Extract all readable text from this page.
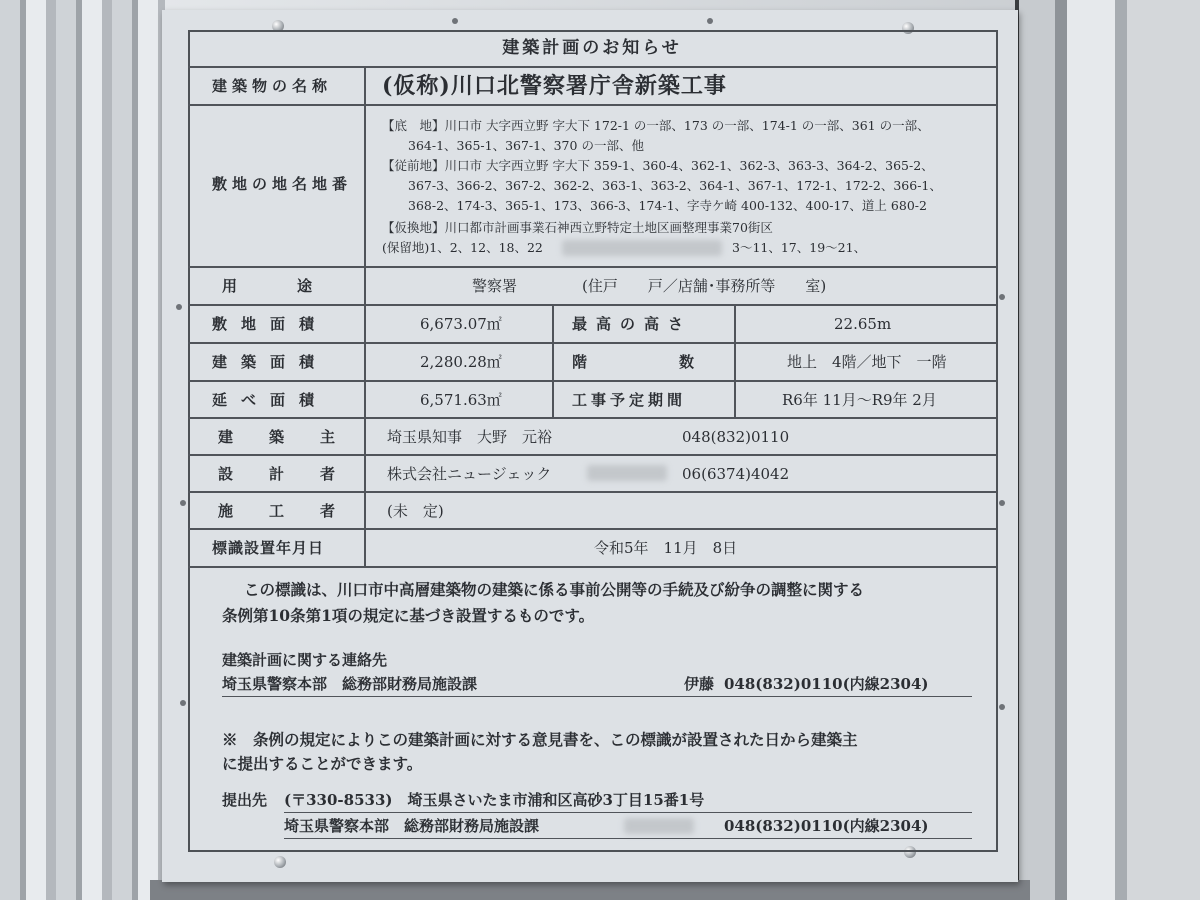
建築計画のお知らせ
建築物の名称 (仮称)川口北警察署庁舎新築工事
敷地の地名地番
【底　地】川口市 大字西立野 字大下 172-1 の一部、173 の一部、174-1 の一部、361 の一部、
364-1、365-1、367-1、370 の一部、他
【従前地】川口市 大字西立野 字大下 359-1、360-4、362-1、362-3、363-3、364-2、365-2、
367-3、366-2、367-2、362-2、363-1、363-2、364-1、367-1、172-1、172-2、366-1、
368-2、174-3、365-1、173、366-3、174-1、字寺ケ崎 400-132、400-17、道上 680-2
【仮換地】川口都市計画事業石神西立野特定土地区画整理事業70街区
(保留地)1、2、12、18、22	3～11、17、19～21、
用途	警察署	(住戸　　戸／店舗･事務所等　　室)
敷地面積	6,673.07㎡	最高の高さ	22.65m
建築面積	2,280.28㎡	階数 地上　4階／地下　一階
延べ面積	6,571.63㎡	工事予定期間	R6年 11月～R9年 2月
建築主 埼玉県知事　大野　元裕	048(832)0110
設計者 株式会社ニュージェック	06(6374)4042
施工者 (未　定)
標識設置年月日	令和5年　11月　8日
この標識は、川口市中高層建築物の建築に係る事前公開等の手続及び紛争の調整に関する
条例第10条第1項の規定に基づき設置するものです。
建築計画に関する連絡先
埼玉県警察本部　総務部財務局施設課	伊藤 048(832)0110(内線2304)
※　条例の規定によりこの建築計画に対する意見書を、この標識が設置された日から建築主
に提出することができます。
提出先 (〒330-8533)　埼玉県さいたま市浦和区高砂3丁目15番1号
埼玉県警察本部　総務部財務局施設課	048(832)0110(内線2304)
